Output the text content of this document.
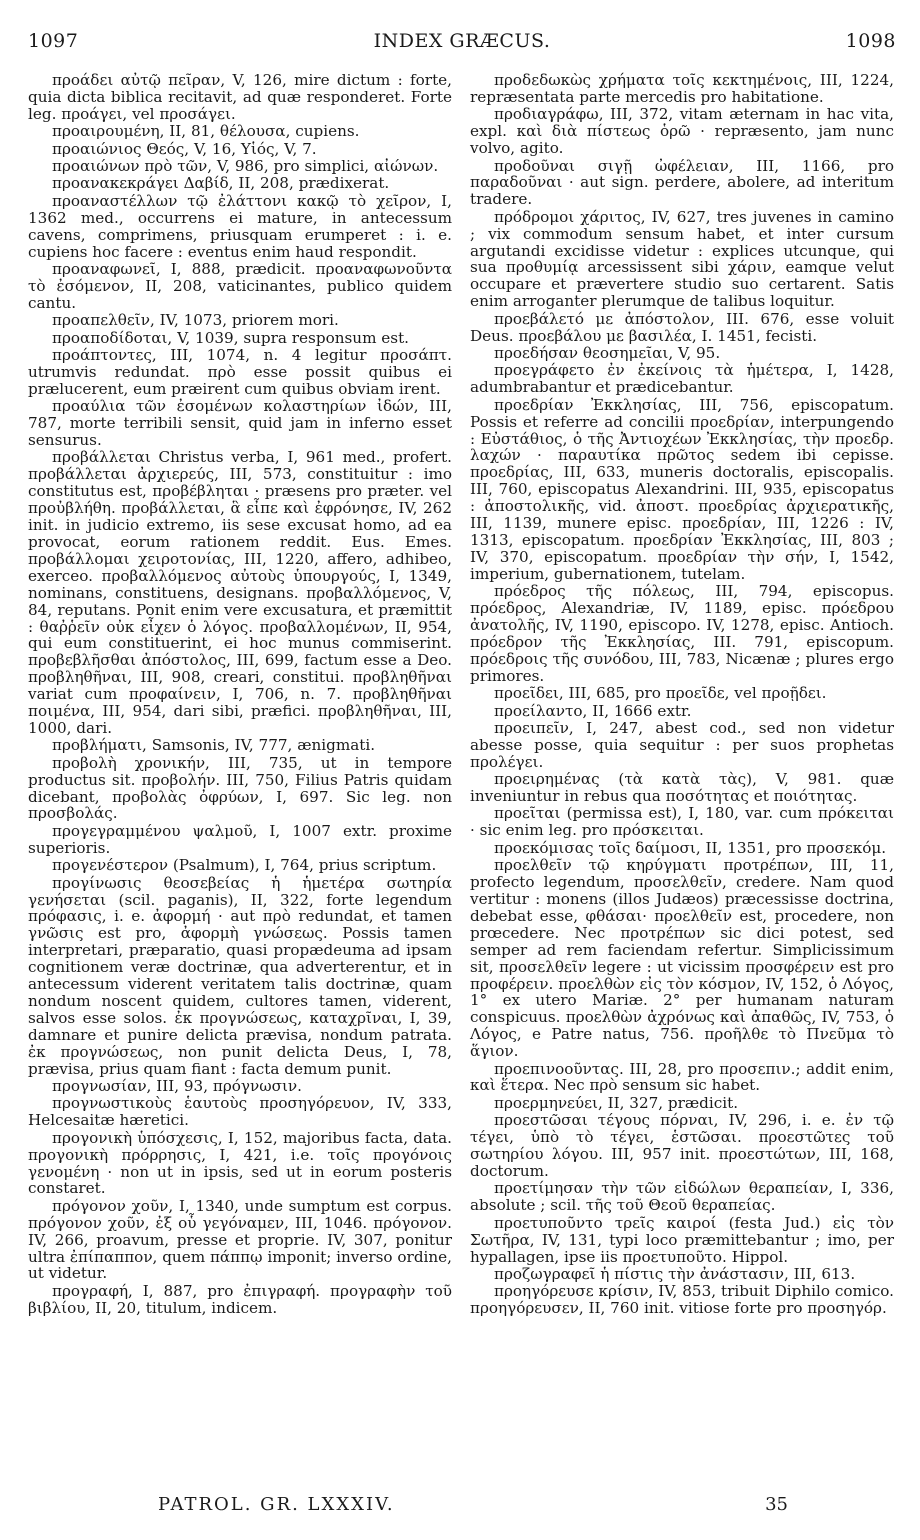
1097	INDEX GRÆCUS.	1098

προάδει αὐτῷ πεῖραν, V, 126, mire dictum : forte, quia dicta biblica recitavit, ad quæ responderet. Forte leg. προάγει, vel προσάγει.

προαιρουμένη, II, 81, θέλουσα, cupiens.

προαιώνιος Θεός, V, 16, Υἱός, V, 7.

προαιώνων πρὸ τῶν, V, 986, pro simplici, αἰώνων.

προανακεκράγει Δαβίδ, II, 208, prædixerat.

προαναστέλλων τῷ ἐλάττονι κακῷ τὸ χεῖρον, I, 1362 med., occurrens ei mature, in antecessum cavens, comprimens, priusquam erumperet : i. e. cupiens hoc facere : eventus enim haud respondit.

προαναφωνεῖ, I, 888, prædicit. προαναφωνοῦντα τὸ ἐσόμενον, II, 208, vaticinantes, publico quidem cantu.

προαπελθεῖν, IV, 1073, priorem mori.

προαποδίδοται, V, 1039, supra responsum est.

προάπτοντες, III, 1074, n. 4 legitur προσάπτ. utrumvis redundat. πρὸ esse possit quibus ei prælucerent, eum præirent cum quibus obviam irent.

προαύλια τῶν ἐσομένων κολαστηρίων ἰδών, III, 787, morte terribili sensit, quid jam in inferno esset sensurus.

προβάλλεται Christus verba, I, 961 med., profert. προβάλλεται ἀρχιερεύς, III, 573, constituitur : imo constitutus est, προβέβληται · præsens pro præter. vel προὐβλήθη. προβάλλεται, ἃ εἶπε καὶ ἐφρόνησε, IV, 262 init. in judicio extremo, iis sese excusat homo, ad ea provocat, eorum rationem reddit. Eus. Emes. προβάλλομαι χειροτονίας, III, 1220, affero, adhibeo, exerceo. προβαλλόμενος αὐτοὺς ὑπουργούς, I, 1349, nominans, constituens, designans. προβαλλόμενος, V, 84, reputans. Ponit enim vere excusatura, et præmittit : θαῤῥεῖν οὐκ εἶχεν ὁ λόγος. προβαλλομένων, II, 954, qui eum constituerint, ei hoc munus commiserint. προβεβλῆσθαι ἀπόστολος, III, 699, factum esse a Deo. προβληθῆναι, III, 908, creari, constitui. προβληθῆναι variat cum προφαίνειν, I, 706, n. 7. προβληθῆναι ποιμένα, III, 954, dari sibi, præfici. προβληθῆναι, III, 1000, dari.

προβλήματι, Samsonis, IV, 777, ænigmati.

προβολὴ χρονικήν, III, 735, ut in tempore productus sit. προβολήν. III, 750, Filius Patris quidam dicebant, προβολὰς ὀφρύων, I, 697. Sic leg. non προσβολάς.

προγεγραμμένου ψαλμοῦ, I, 1007 extr. proxime superioris.

προγενέστερον (Psalmum), I, 764, prius scriptum.

προγίνωσις θεοσεβείας ἡ ἡμετέρα σωτηρία γενήσεται (scil. paganis), II, 322, forte legendum πρόφασις, i. e. ἀφορμή · aut πρὸ redundat, et tamen γνῶσις est pro, ἀφορμὴ γνώσεως. Possis tamen interpretari, præparatio, quasi propædeuma ad ipsam cognitionem veræ doctrinæ, qua adverterentur, et in antecessum viderent veritatem talis doctrinæ, quam nondum noscent quidem, cultores tamen, viderent, salvos esse solos. ἐκ προγνώσεως, καταχρῖναι, I, 39, damnare et punire delicta prævisa, nondum patrata. ἐκ προγνώσεως, non punit delicta Deus, I, 78, prævisa, prius quam fiant : facta demum punit.

προγνωσίαν, III, 93, πρόγνωσιν.

προγνωστικοὺς ἑαυτοὺς προσηγόρευον, IV, 333, Helcesaitæ hæretici.

προγονικὴ ὑπόσχεσις, I, 152, majoribus facta, data. προγονικὴ πρόρρησις, I, 421, i.e. τοῖς προγόνοις γενομένη · non ut in ipsis, sed ut in eorum posteris constaret.

πρόγονον χοῦν, I, 1340, unde sumptum est corpus. πρόγονον χοῦν, ἐξ οὗ γεγόναμεν, III, 1046. πρόγονον. IV, 266, proavum, presse et proprie. IV, 307, ponitur ultra ἐπίπαππον, quem πάππῳ imponit; inverso ordine, ut videtur.

προγραφή, I, 887, pro ἐπιγραφή. προγραφὴν τοῦ βιβλίου, II, 20, titulum, indicem.

προδεδωκὼς χρήματα τοῖς κεκτημένοις, III, 1224, repræsentata parte mercedis pro habitatione.

προδιαγράφω, III, 372, vitam æternam in hac vita, expl. καὶ διὰ πίστεως ὁρῶ · repræsento, jam nunc volvo, agito.

προδοῦναι σιγῇ ὠφέλειαν, III, 1166, pro παραδοῦναι · aut sign. perdere, abolere, ad interitum tradere.

πρόδρομοι χάριτος, IV, 627, tres juvenes in camino ; vix commodum sensum habet, et inter cursum argutandi excidisse videtur : explices utcunque, qui sua προθυμίᾳ arcessissent sibi χάριν, eamque velut occupare et prævertere studio suo certarent. Satis enim arroganter plerumque de talibus loquitur.

προεβάλετό με ἀπόστολον, III. 676, esse voluit Deus. προεβάλου με βασιλέα, I. 1451, fecisti.

προεδήσαν θεοσημεῖαι, V, 95.

προεγράφετο ἐν ἐκείνοις τὰ ἡμέτερα, I, 1428, adumbrabantur et prædicebantur.

προεδρίαν Ἐκκλησίας, III, 756, episcopatum. Possis et referre ad concilii προεδρίαν, interpungendo : Εὐστάθιος, ὁ τῆς Ἀντιοχέων Ἐκκλησίας, τὴν προεδρ. λαχών · παραυτίκα πρῶτος sedem ibi cepisse. προεδρίας, III, 633, muneris doctoralis, episcopalis. III, 760, episcopatus Alexandrini. III, 935, episcopatus : ἀποστολικῆς, vid. ἀποστ. προεδρίας ἀρχιερατικῆς, III, 1139, munere episc. προεδρίαν, III, 1226 : IV, 1313, episcopatum. προεδρίαν Ἐκκλησίας, III, 803 ; IV, 370, episcopatum. προεδρίαν τὴν σήν, I, 1542, imperium, gubernationem, tutelam.

πρόεδρος τῆς πόλεως, III, 794, episcopus. πρόεδρος, Alexandriæ, IV, 1189, episc. πρόεδρου ἀνατολῆς, IV, 1190, episcopo. IV, 1278, episc. Antioch. πρόεδρον τῆς Ἐκκλησίας, III. 791, episcopum. πρόεδροις τῆς συνόδου, III, 783, Nicænæ ; plures ergo primores.

προεῖδει, III, 685, pro προεῖδε, vel προῇδει.

προείλαντο, II, 1666 extr.

προειπεῖν, I, 247, abest cod., sed non videtur abesse posse, quia sequitur : per suos prophetas προλέγει.

προειρημένας (τὰ κατὰ τὰς), V, 981. quæ inveniuntur in rebus qua ποσότητας et ποιότητας.

προεῖται (permissa est), I, 180, var. cum πρόκειται · sic enim leg. pro πρόσκειται.

προεκόμισας τοῖς δαίμοσι, II, 1351, pro προσεκόμ.

προελθεῖν τῷ κηρύγματι προτρέπων, III, 11, profecto legendum, προσελθεῖν, credere. Nam quod vertitur : monens (illos Judæos) præcessisse doctrina, debebat esse, φθάσαι· προελθεῖν est, procedere, non prœcedere. Nec προτρέπων sic dici potest, sed semper ad rem faciendam refertur. Simplicissimum sit, προσελθεῖν legere : ut vicissim προσφέρειν est pro προφέρειν. προελθὼν εἰς τὸν κόσμον, IV, 152, ὁ Λόγος, 1° ex utero Mariæ. 2° per humanam naturam conspicuus. προελθὼν ἀχρόνως καὶ ἀπαθῶς, IV, 753, ὁ Λόγος, e Patre natus, 756. προῆλθε τὸ Πνεῦμα τὸ ἅγιον.

προεπινοοῦντας. III, 28, pro προσεπιν.; addit enim, καὶ ἕτερα. Nec πρὸ sensum sic habet.

προερμηνεύει, II, 327, prædicit.

προεστῶσαι τέγους πόρναι, IV, 296, i. e. ἐν τῷ τέγει, ὑπὸ τὸ τέγει, ἑστῶσαι. προεστῶτες τοῦ σωτηρίου λόγου. III, 957 init. προεστώτων, III, 168, doctorum.

προετίμησαν τὴν τῶν εἰδώλων θεραπείαν, I, 336, absolute ; scil. τῆς τοῦ Θεοῦ θεραπείας.

προετυποῦντο τρεῖς καιροί (festa Jud.) εἰς τὸν Σωτῆρα, IV, 131, typi loco præmittebantur ; imo, per hypallagen, ipse iis προετυποῦτο. Hippol.

προζωγραφεῖ ἡ πίστις τὴν ἀνάστασιν, III, 613.

προηγόρευσε κρίσιν, IV, 853, tribuit Diphilo comico. προηγόρευσεν, II, 760 init. vitiose forte pro προσηγόρ.

PATROL. GR. LXXXIV.	35
